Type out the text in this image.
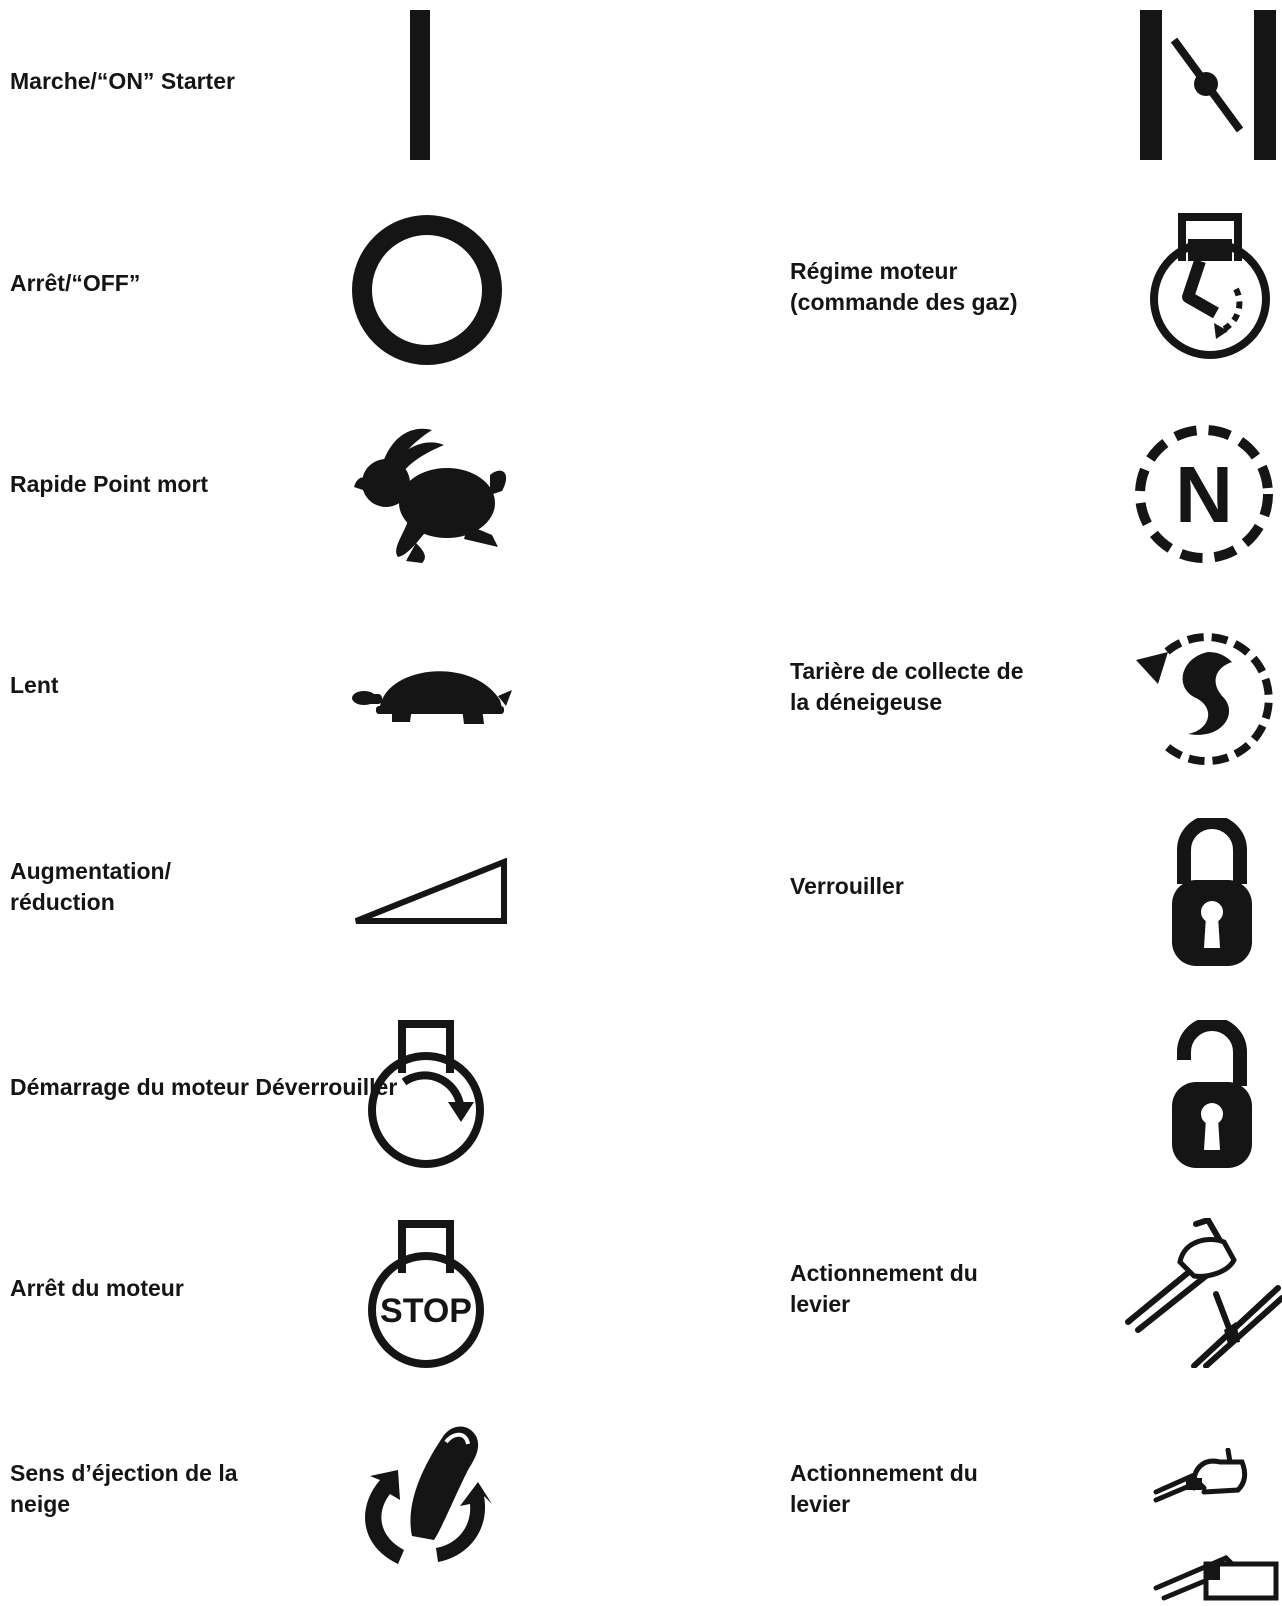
Marche/“ON” Starter
Arrêt/“OFF”
Rapide Point mort
Lent
Augmentation/
réduction
Démarrage du moteur Déverrouiller
Arrêt du moteur
Sens d’éjection de la
neige
Régime moteur
(commande des gaz)
Tarière de collecte de
la déneigeuse
Verrouiller
Actionnement du
levier
Actionnement du
levier
STOP
N
